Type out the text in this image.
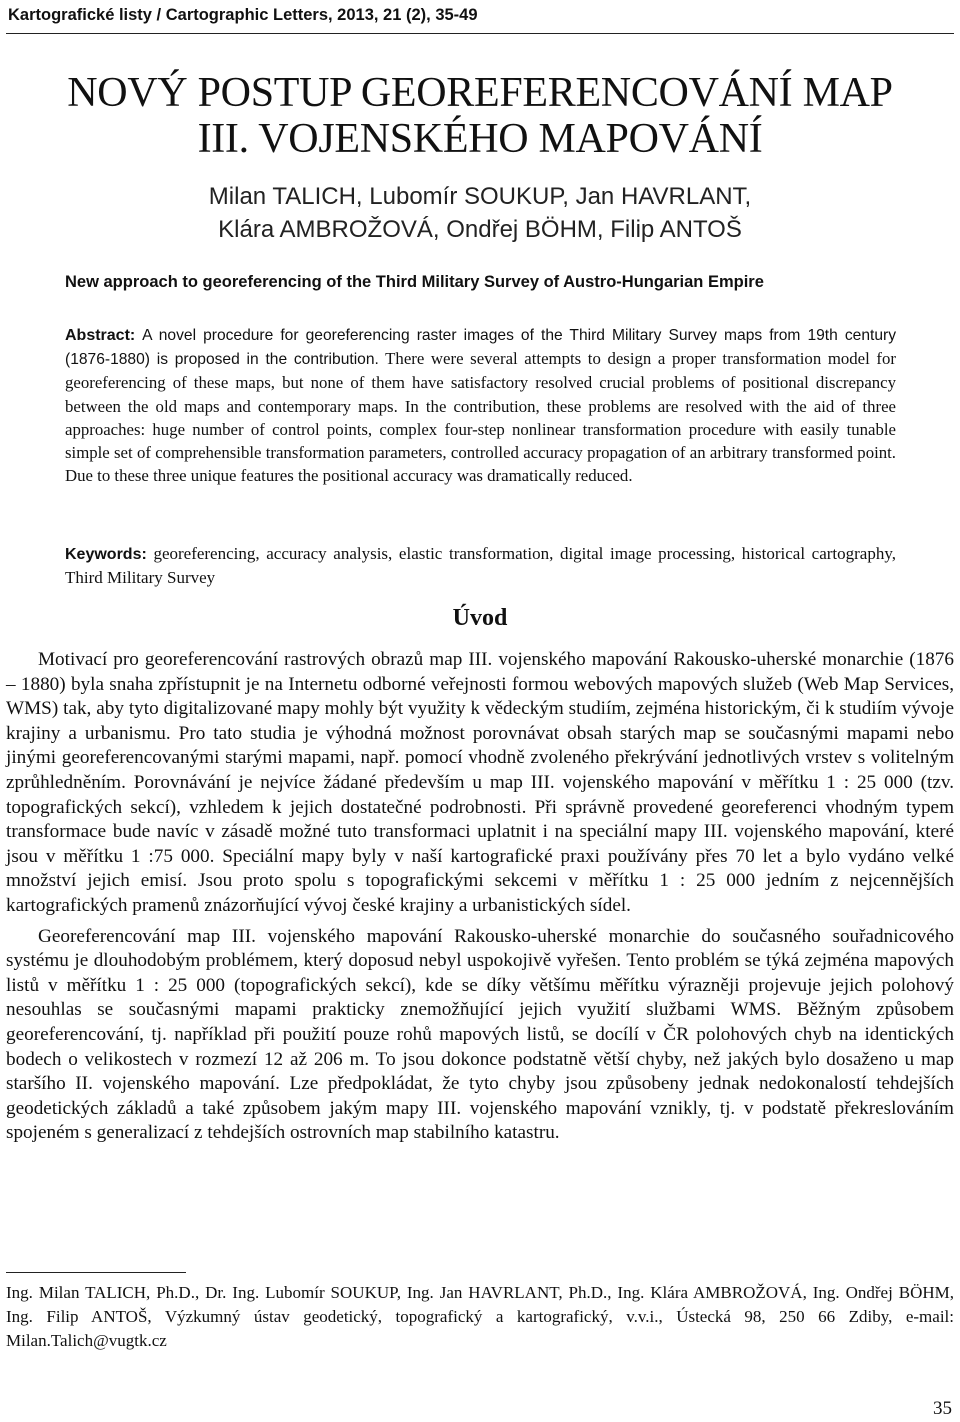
Kartografické listy / Cartographic Letters, 2013, 21 (2), 35-49
NOVÝ POSTUP GEOREFERENCOVÁNÍ MAP
III. VOJENSKÉHO MAPOVÁNÍ
Milan TALICH, Lubomír SOUKUP, Jan HAVRLANT,
Klára AMBROŽOVÁ, Ondřej BÖHM, Filip ANTOŠ
New approach to georeferencing of the Third Military Survey of Austro-Hungarian Empire
Abstract: A novel procedure for georeferencing raster images of the Third Military Survey maps from 19th century (1876-1880) is proposed in the contribution. There were several attempts to design a proper transformation model for georeferencing of these maps, but none of them have satisfactory resolved crucial problems of positional discrepancy between the old maps and contemporary maps. In the contribution, these problems are resolved with the aid of three approaches: huge number of control points, complex four-step nonlinear transformation procedure with easily tunable simple set of comprehensible transformation parameters, controlled accuracy propagation of an arbitrary transformed point. Due to these three unique features the positional accuracy was dramatically reduced.
Keywords: georeferencing, accuracy analysis, elastic transformation, digital image processing, historical cartography, Third Military Survey
Úvod

Motivací pro georeferencování rastrových obrazů map III. vojenského mapování Rakousko-uherské monarchie (1876 – 1880) byla snaha zpřístupnit je na Internetu odborné veřejnosti formou webových mapových služeb (Web Map Services, WMS) tak, aby tyto digitalizované mapy mohly být využity k vědeckým studiím, zejména historickým, či k studiím vývoje krajiny a urbanismu. Pro tato studia je výhodná možnost porovnávat obsah starých map se současnými mapami nebo jinými georeferencovanými starými mapami, např. pomocí vhodně zvoleného překrývání jednotlivých vrstev s volitelným zprůhledněním. Porovnávání je nejvíce žádané především u map III. vojenského mapování v měřítku 1 : 25 000 (tzv. topografických sekcí), vzhledem k jejich dostatečné podrobnosti. Při správně provedené georeferenci vhodným typem transformace bude navíc v zásadě možné tuto transformaci uplatnit i na speciální mapy III. vojenského mapování, které jsou v měřítku 1 :75 000. Speciální mapy byly v naší kartografické praxi používány přes 70 let a bylo vydáno velké množství jejich emisí. Jsou proto spolu s topografickými sekcemi v měřítku 1 : 25 000 jedním z nejcennějších kartografických pramenů znázorňující vývoj české krajiny a urbanistických sídel.

Georeferencování map III. vojenského mapování Rakousko-uherské monarchie do současného souřadnicového systému je dlouhodobým problémem, který doposud nebyl uspokojivě vyřešen. Tento problém se týká zejména mapových listů v měřítku 1 : 25 000 (topografických sekcí), kde se díky většímu měřítku výrazněji projevuje jejich polohový nesouhlas se současnými mapami prakticky znemožňující jejich využití službami WMS. Běžným způsobem georeferencování, tj. například při použití pouze rohů mapových listů, se docílí v ČR polohových chyb na identických bodech o velikostech v rozmezí 12 až 206 m. To jsou dokonce podstatně větší chyby, než jakých bylo dosaženo u map staršího II. vojenského mapování. Lze předpokládat, že tyto chyby jsou způsobeny jednak nedokonalostí tehdejších geodetických základů a také způsobem jakým mapy III. vojenského mapování vznikly, tj. v podstatě překreslováním spojeném s generalizací z tehdejších ostrovních map stabilního katastru.

Ing. Milan TALICH, Ph.D., Dr. Ing. Lubomír SOUKUP, Ing. Jan HAVRLANT, Ph.D., Ing. Klára AMBROŽOVÁ, Ing. Ondřej BÖHM, Ing. Filip ANTOŠ, Výzkumný ústav geodetický, topografický a kartografický, v.v.i., Ústecká 98, 250 66 Zdiby, e-mail: Milan.Talich@vugtk.cz
35
